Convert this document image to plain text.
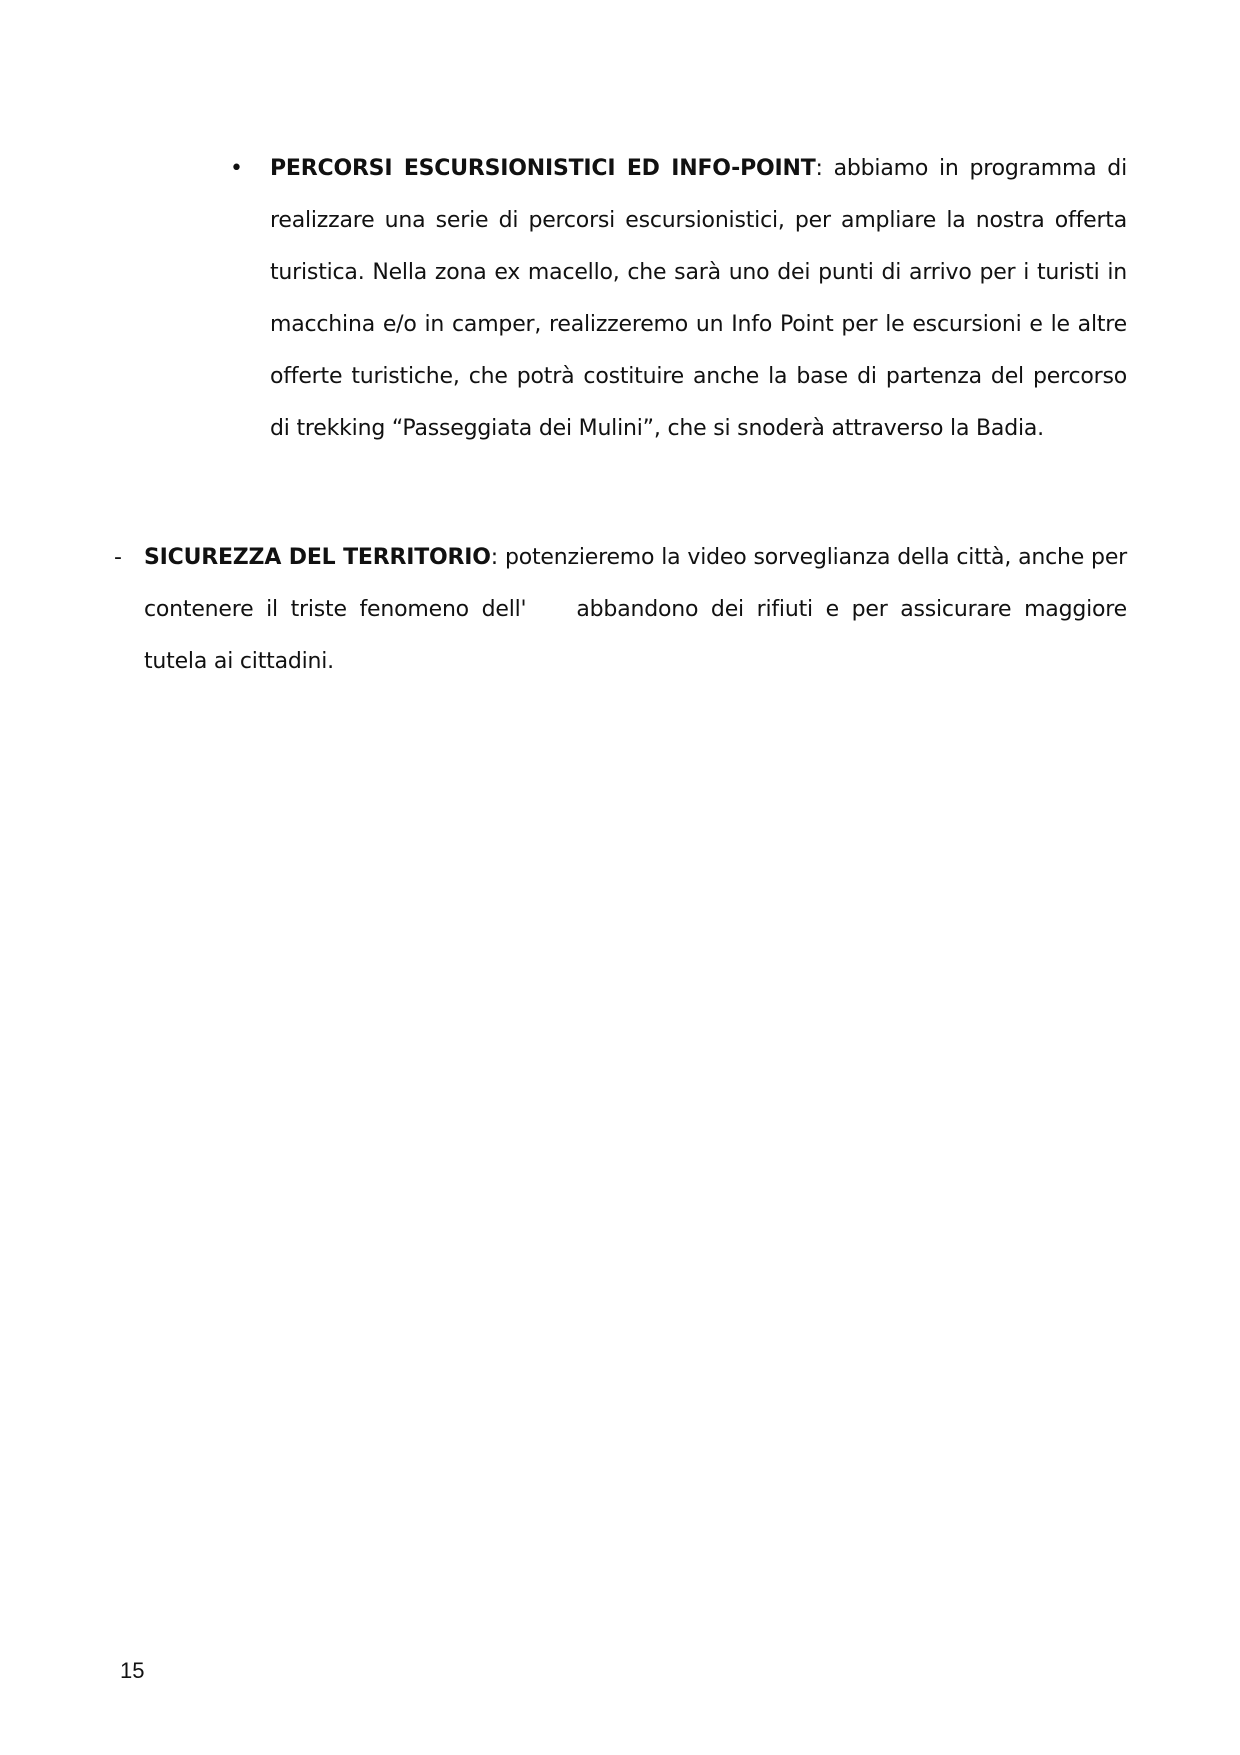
• PERCORSI ESCURSIONISTICI ED INFO-POINT: abbiamo in programma di realizzare una serie di percorsi escursionistici, per ampliare la nostra offerta turistica. Nella zona ex macello, che sarà uno dei punti di arrivo per i turisti in macchina e/o in camper, realizzeremo un Info Point per le escursioni e le altre offerte turistiche, che potrà costituire anche la base di partenza del percorso di trekking “Passeggiata dei Mulini”, che si snoderà attraverso la Badia.
- SICUREZZA DEL TERRITORIO: potenzieremo la video sorveglianza della città, anche per contenere il triste fenomeno dell' abbandono dei rifiuti e per assicurare maggiore tutela ai cittadini.
15
